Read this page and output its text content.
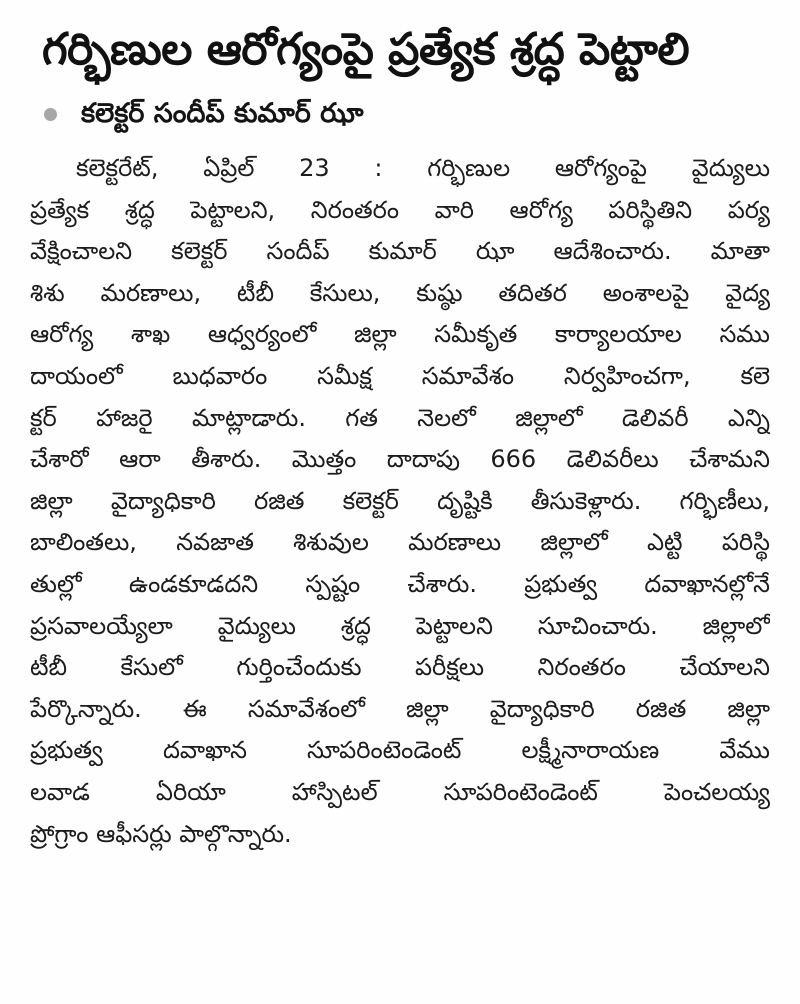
గర్భిణుల ఆరోగ్యంపై ప్రత్యేక శ్రద్ధ పెట్టాలి
కలెక్టర్ సందీప్ కుమార్ ఝా
కలెక్టరేట్, ఏప్రిల్ 23 : గర్భిణుల ఆరోగ్యంపై వైద్యులు
ప్రత్యేక శ్రద్ధ పెట్టాలని, నిరంతరం వారి ఆరోగ్య పరిస్థితిని పర్య
వేక్షించాలని కలెక్టర్ సందీప్ కుమార్ ఝా ఆదేశించారు. మాతా
శిశు మరణాలు, టీబీ కేసులు, కుష్ఠు తదితర అంశాలపై వైద్య
ఆరోగ్య శాఖ ఆధ్వర్యంలో జిల్లా సమీకృత కార్యాలయాల సము
దాయంలో బుధవారం సమీక్ష సమావేశం నిర్వహించగా, కలె
క్టర్ హాజరై మాట్లాడారు. గత నెలలో జిల్లాలో డెలివరీ ఎన్ని
చేశారో ఆరా తీశారు. మొత్తం దాదాపు 666 డెలివరీలు చేశామని
జిల్లా వైద్యాధికారి రజిత కలెక్టర్ దృష్టికి తీసుకెళ్లారు. గర్భిణీలు,
బాలింతలు, నవజాత శిశువుల మరణాలు జిల్లాలో ఎట్టి పరిస్థి
తుల్లో ఉండకూడదని స్పష్టం చేశారు. ప్రభుత్వ దవాఖానల్లోనే
ప్రసవాలయ్యేలా వైద్యులు శ్రద్ధ పెట్టాలని సూచించారు. జిల్లాలో
టీబీ కేసులో గుర్తించేందుకు పరీక్షలు నిరంతరం చేయాలని
పేర్కొన్నారు. ఈ సమావేశంలో జిల్లా వైద్యాధికారి రజిత జిల్లా
ప్రభుత్వ దవాఖాన సూపరింటెండెంట్ లక్ష్మీనారాయణ వేము
లవాడ ఏరియా హాస్పిటల్ సూపరింటెండెంట్ పెంచలయ్య
ప్రోగ్రాం ఆఫీసర్లు పాల్గొన్నారు.
